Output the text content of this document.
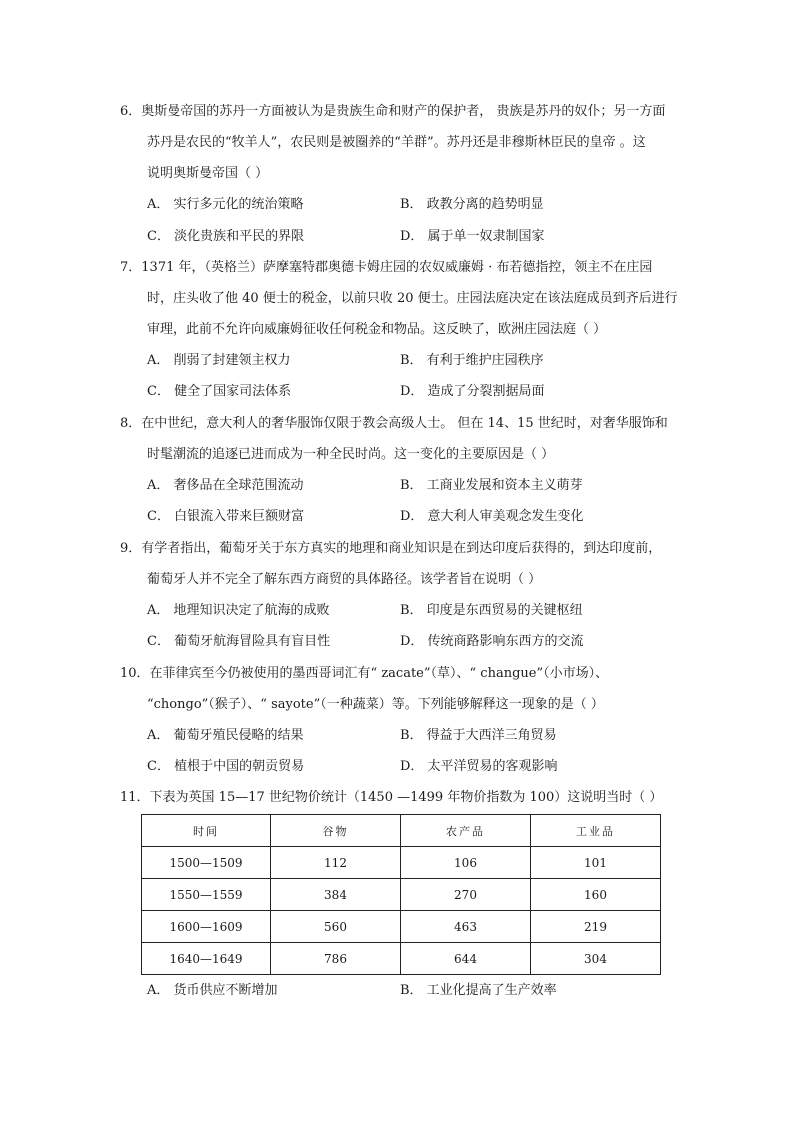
6．奥斯曼帝国的苏丹一方面被认为是贵族生命和财产的保护者， 贵族是苏丹的奴仆；另一方面
苏丹是农民的“牧羊人”，农民则是被圈养的“羊群”。苏丹还是非穆斯林臣民的皇帝 。这
说明奥斯曼帝国（ ）
A． 实行多元化的统治策略	B． 政教分离的趋势明显
C． 淡化贵族和平民的界限	D． 属于单一奴隶制国家
7．1371 年，（英格兰）萨摩塞特郡奥德卡姆庄园的农奴威廉姆 · 布若德指控，领主不在庄园
时，庄头收了他 40 便士的税金，以前只收 20 便士。庄园法庭决定在该法庭成员到齐后进行
审理，此前不允许向威廉姆征收任何税金和物品。这反映了，欧洲庄园法庭（ ）
A． 削弱了封建领主权力	B． 有利于维护庄园秩序
C． 健全了国家司法体系	D． 造成了分裂割据局面
8．在中世纪，意大利人的奢华服饰仅限于教会高级人士。 但在 14、15 世纪时，对奢华服饰和
时髦潮流的追逐已进而成为一种全民时尚。这一变化的主要原因是（ ）
A． 奢侈品在全球范围流动	B． 工商业发展和资本主义萌芽
C． 白银流入带来巨额财富	D． 意大利人审美观念发生变化
9．有学者指出，葡萄牙关于东方真实的地理和商业知识是在到达印度后获得的，到达印度前，
葡萄牙人并不完全了解东西方商贸的具体路径。该学者旨在说明（ ）
A． 地理知识决定了航海的成败	B． 印度是东西贸易的关键枢纽
C． 葡萄牙航海冒险具有盲目性	D． 传统商路影响东西方的交流
10．在菲律宾至今仍被使用的墨西哥词汇有“ zacate”（草）、“ changue”（小市场）、
“chongo”（猴子）、“ sayote”（一种蔬菜）等。下列能够解释这一现象的是（ ）
A． 葡萄牙殖民侵略的结果	B． 得益于大西洋三角贸易
C． 植根于中国的朝贡贸易	D． 太平洋贸易的客观影响
11．下表为英国 15—17 世纪物价统计（1450 —1499 年物价指数为 100）这说明当时（ ）
时间	谷物	农产品	工业品
1500—1509	112	106	101
1550—1559	384	270	160
1600—1609	560	463	219
1640—1649	786	644	304
A． 货币供应不断增加	B． 工业化提高了生产效率
